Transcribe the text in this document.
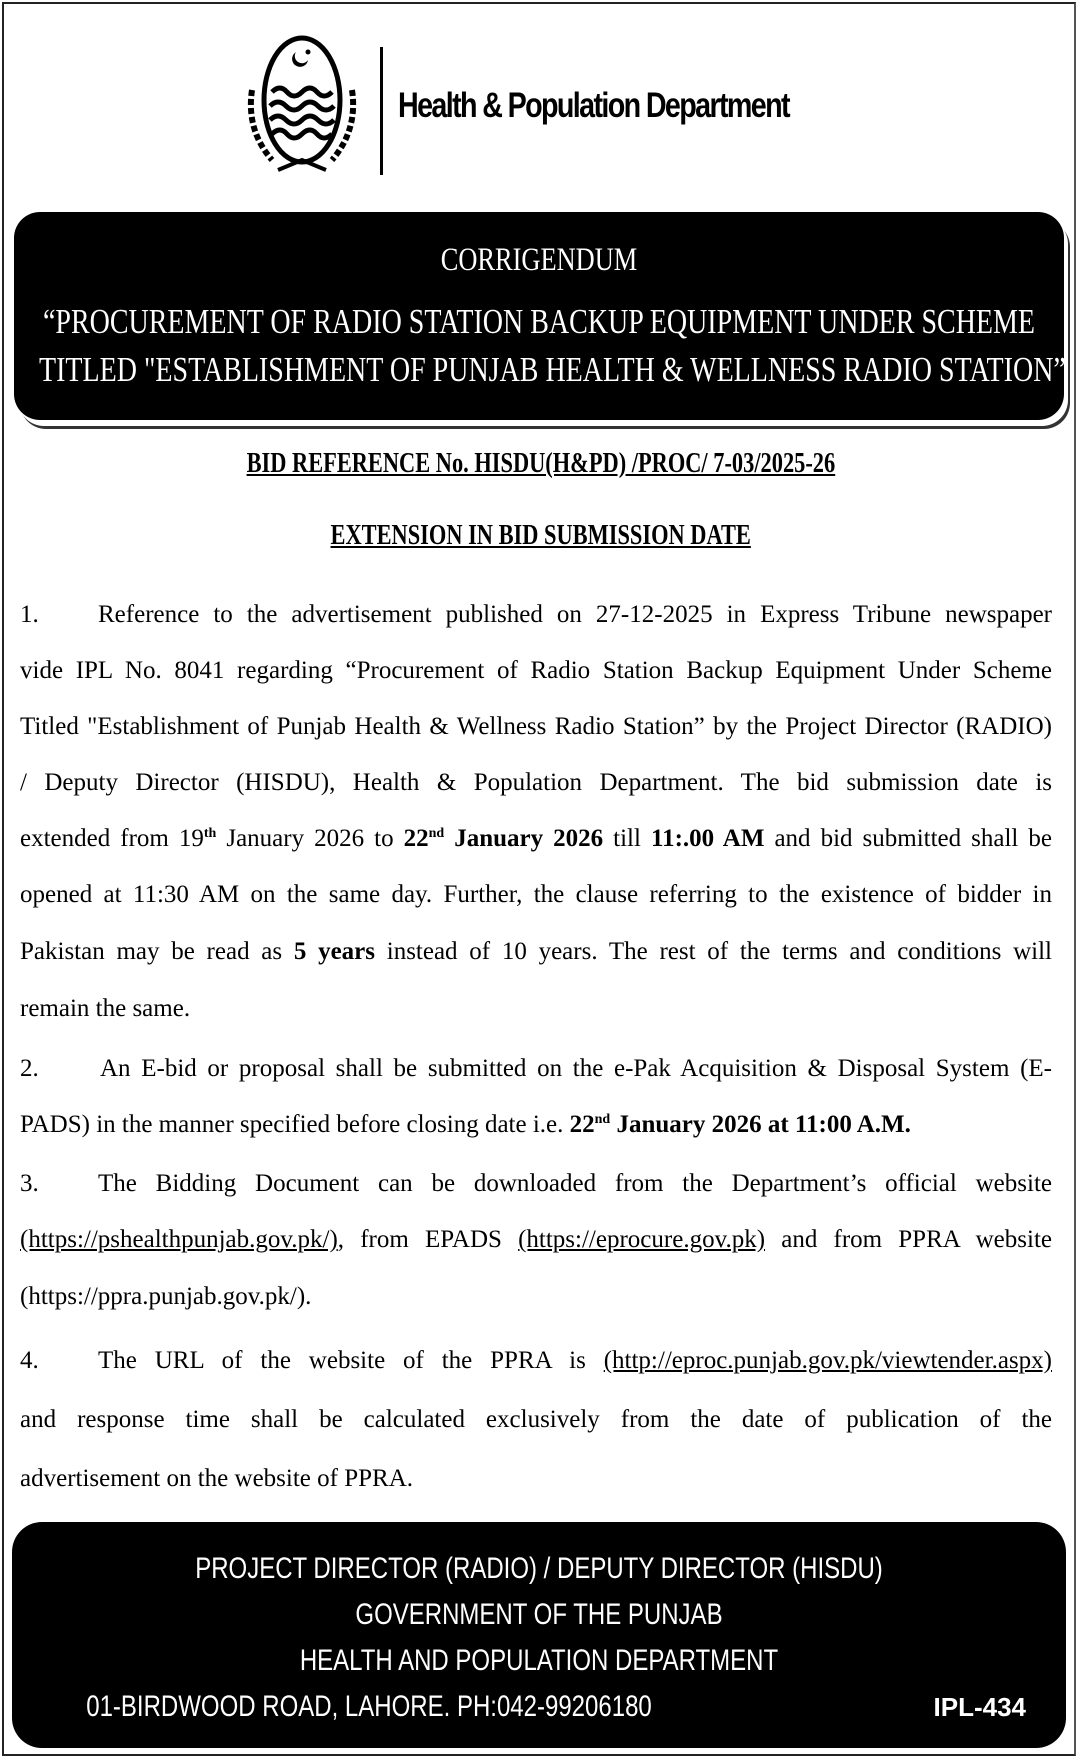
Health & Population Department
CORRIGENDUM
“PROCUREMENT OF RADIO STATION BACKUP EQUIPMENT UNDER SCHEME
TITLED "ESTABLISHMENT OF PUNJAB HEALTH & WELLNESS RADIO STATION”
BID REFERENCE No. HISDU(H&PD) /PROC/ 7-03/2025-26
EXTENSION IN BID SUBMISSION DATE
1. Reference to the advertisement published on 27-12-2025 in Express Tribune newspaper
vide IPL No. 8041 regarding “Procurement of Radio Station Backup Equipment Under Scheme
Titled "Establishment of Punjab Health & Wellness Radio Station” by the Project Director (RADIO)
/ Deputy Director (HISDU), Health & Population Department. The bid submission date is
extended from 19th January 2026 to 22nd January 2026 till 11:.00 AM and bid submitted shall be
opened at 11:30 AM on the same day. Further, the clause referring to the existence of bidder in
Pakistan may be read as 5 years instead of 10 years. The rest of the terms and conditions will
remain the same.
2. An E-bid or proposal shall be submitted on the e-Pak Acquisition & Disposal System (E-
PADS) in the manner specified before closing date i.e. 22nd January 2026 at 11:00 A.M.
3. The Bidding Document can be downloaded from the Department’s official website
(https://pshealthpunjab.gov.pk/), from EPADS (https://eprocure.gov.pk) and from PPRA website
(https://ppra.punjab.gov.pk/).
4. The URL of the website of the PPRA is (http://eproc.punjab.gov.pk/viewtender.aspx)
and response time shall be calculated exclusively from the date of publication of the
advertisement on the website of PPRA.
PROJECT DIRECTOR (RADIO) / DEPUTY DIRECTOR (HISDU)
GOVERNMENT OF THE PUNJAB
HEALTH AND POPULATION DEPARTMENT
01-BIRDWOOD ROAD, LAHORE. PH:042-99206180	IPL-434
